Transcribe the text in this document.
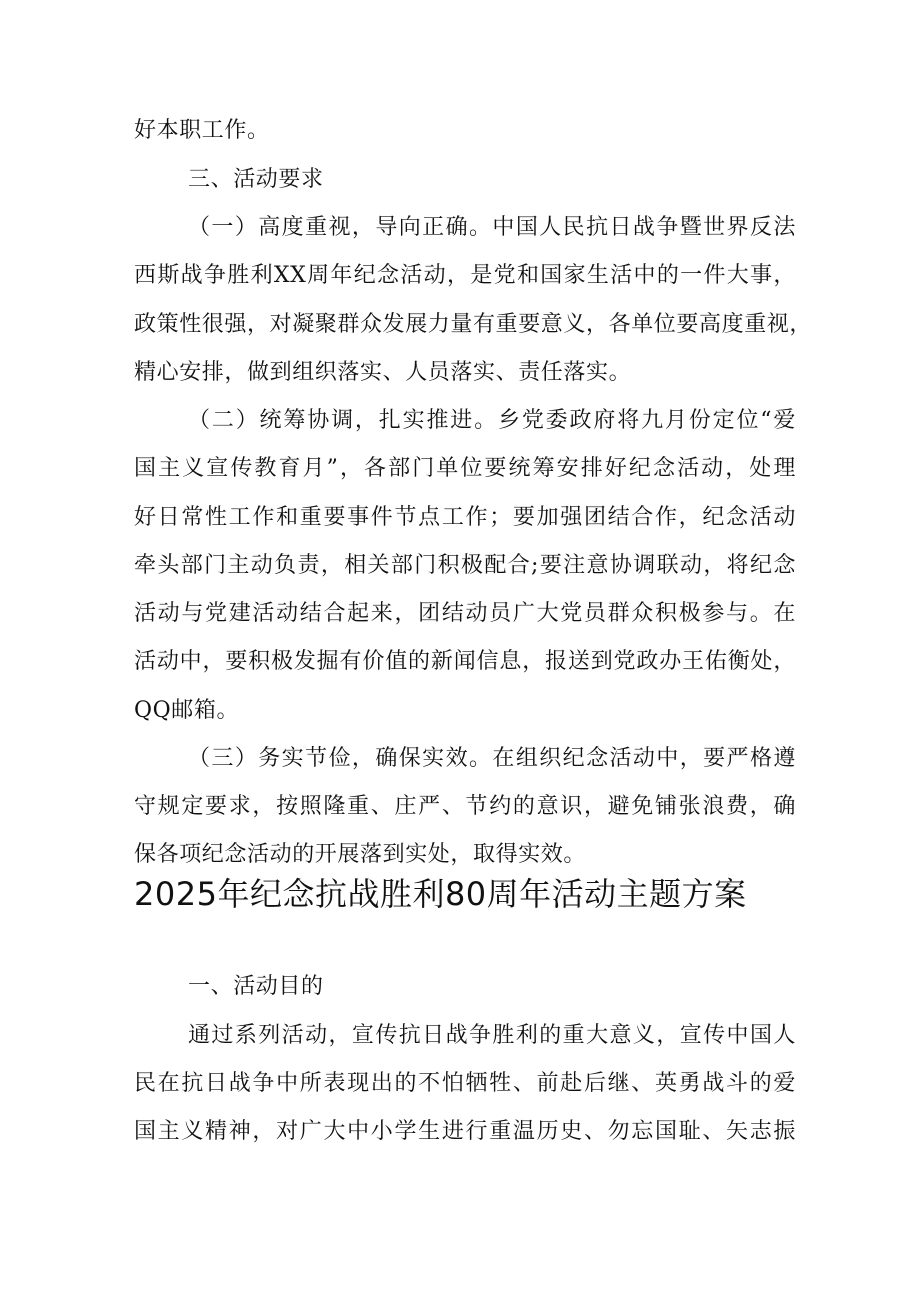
好本职工作。
三、活动要求
（一）高度重视，导向正确。中国人民抗日战争暨世界反法
西斯战争胜利XX周年纪念活动，是党和国家生活中的一件大事，
政策性很强，对凝聚群众发展力量有重要意义，各单位要高度重视，
精心安排，做到组织落实、人员落实、责任落实。
（二）统筹协调，扎实推进。乡党委政府将九月份定位“爱
国主义宣传教育月”，各部门单位要统筹安排好纪念活动，处理
好日常性工作和重要事件节点工作；要加强团结合作，纪念活动
牵头部门主动负责，相关部门积极配合;要注意协调联动，将纪念
活动与党建活动结合起来，团结动员广大党员群众积极参与。在
活动中，要积极发掘有价值的新闻信息，报送到党政办王佑衡处，
QQ邮箱。
（三）务实节俭，确保实效。在组织纪念活动中，要严格遵
守规定要求，按照隆重、庄严、节约的意识，避免铺张浪费，确
保各项纪念活动的开展落到实处，取得实效。
2025年纪念抗战胜利80周年活动主题方案
一、活动目的
通过系列活动，宣传抗日战争胜利的重大意义，宣传中国人
民在抗日战争中所表现出的不怕牺牲、前赴后继、英勇战斗的爱
国主义精神，对广大中小学生进行重温历史、勿忘国耻、矢志振
